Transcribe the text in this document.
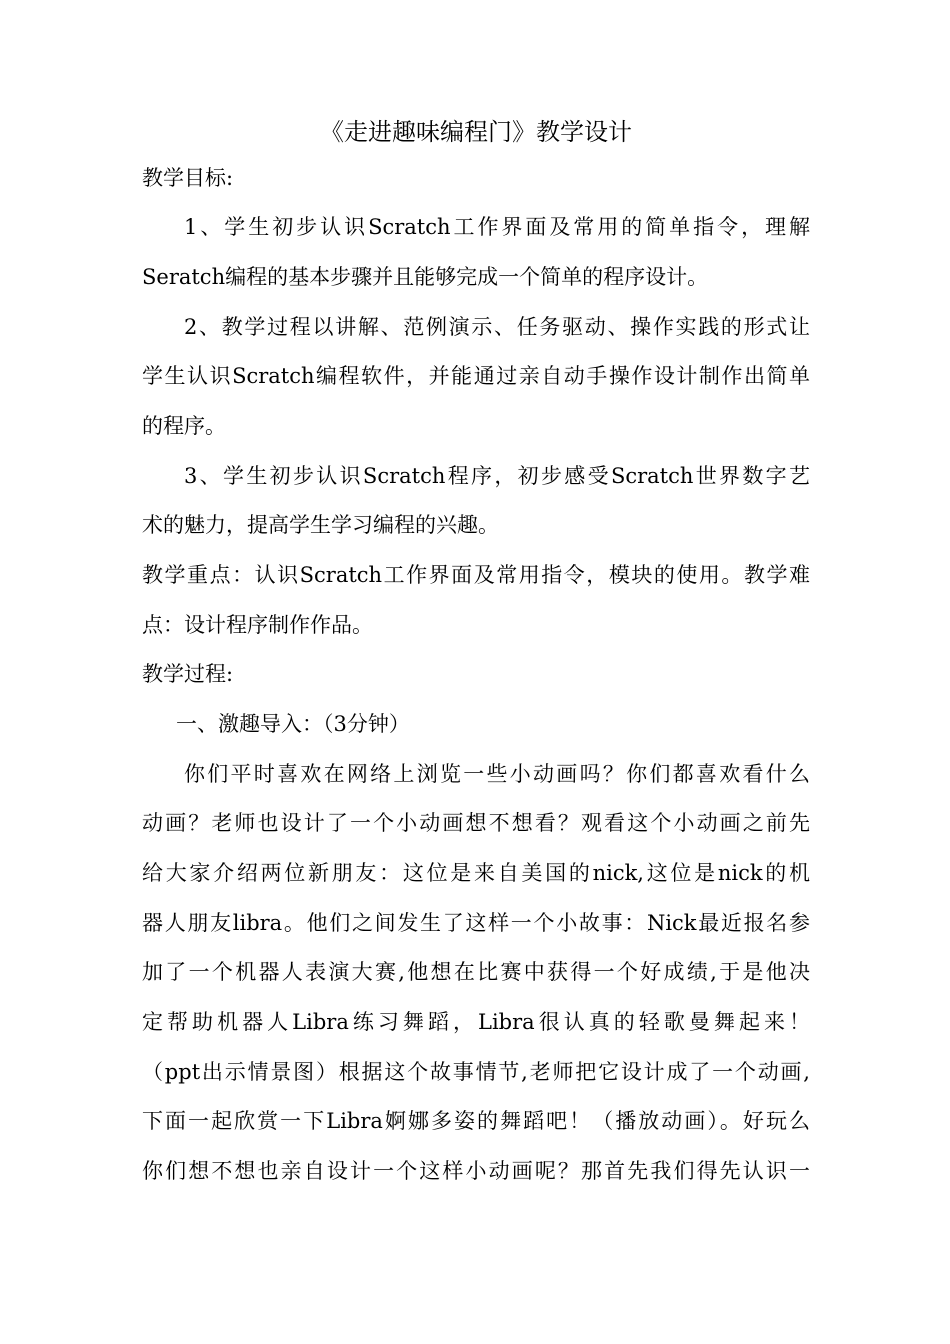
《走进趣味编程门》教学设计
教学目标:
1、学生初步认识Scratch工作界面及常用的简单指令，理解
Seratch编程的基本步骤并且能够完成一个简单的程序设计。
2、教学过程以讲解、范例演示、任务驱动、操作实践的形式让
学生认识Scratch编程软件，并能通过亲自动手操作设计制作出简单
的程序。
3、学生初步认识Scratch程序，初步感受Scratch世界数字艺
术的魅力，提高学生学习编程的兴趣。
教学重点：认识Scratch工作界面及常用指令，模块的使用。教学难
点：设计程序制作作品。
教学过程:
一、激趣导入：（3分钟）
你们平时喜欢在网络上浏览一些小动画吗？你们都喜欢看什么
动画？老师也设计了一个小动画想不想看？观看这个小动画之前先
给大家介绍两位新朋友：这位是来自美国的nick,这位是nick的机
器人朋友libra。他们之间发生了这样一个小故事：Nick最近报名参
加了一个机器人表演大赛,他想在比赛中获得一个好成绩,于是他决
定帮助机器人Libra练习舞蹈，Libra很认真的轻歌曼舞起来！
（ppt出示情景图）根据这个故事情节,老师把它设计成了一个动画,
下面一起欣赏一下Libra婀娜多姿的舞蹈吧！（播放动画）。好玩么
你们想不想也亲自设计一个这样小动画呢？那首先我们得先认识一
